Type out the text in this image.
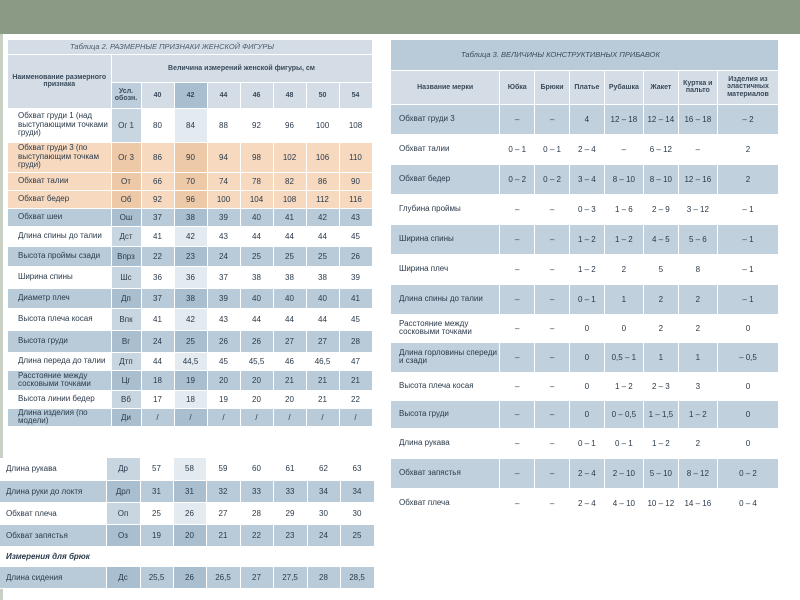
Таблица 2. РАЗМЕРНЫЕ ПРИЗНАКИ ЖЕНСКОЙ ФИГУРЫ								
Наименование размерного признака	Величина измерений женской фигуры, см							
	Усл. обозн.	40	42	44	46	48	50	54
Обхват груди 1 (над выступающими точками груди)	Ог 1	80	84	88	92	96	100	108
Обхват груди 3 (по выступающим точкам груди)	Ог 3	86	90	94	98	102	106	110
Обхват талии	От	66	70	74	78	82	86	90
Обхват бедер	Об	92	96	100	104	108	112	116
Обхват шеи	Ош	37	38	39	40	41	42	43
Длина спины до талии	Дст	41	42	43	44	44	44	45
Высота проймы сзади	Впрз	22	23	24	25	25	25	26
Ширина спины	Шс	36	36	37	38	38	38	39
Диаметр плеч	Дп	37	38	39	40	40	40	41
Высота плеча косая	Впк	41	42	43	44	44	44	45
Высота груди	Вг	24	25	26	26	27	27	28
Длина переда до талии	Дтп	44	44,5	45	45,5	46	46,5	47
Расстояние между сосковыми точками	Цг	18	19	20	20	21	21	21
Высота линии бедер	Вб	17	18	19	20	20	21	22
Длина изделия (по модели)	Ди	/	/	/	/	/	/	/
Длина рукава	Др	57	58	59	60	61	62	63
Длина руки до локтя	Дрл	31	31	32	33	33	34	34
Обхват плеча	Оп	25	26	27	28	29	30	30
Обхват запястья	Оз	19	20	21	22	23	24	25
Измерения для брюк								
Длина сидения	Дс	25,5	26	26,5	27	27,5	28	28,5
Таблица 3. ВЕЛИЧИНЫ КОНСТРУКТИВНЫХ ПРИБАВОК							
Название мерки	Юбка	Брюки	Платье	Рубашка	Жакет	Куртка и пальто	Изделия из эластичных материалов
Обхват груди 3	–	–	4	12 – 18	12 – 14	16 – 18	– 2
Обхват талии	0 – 1	0 – 1	2 – 4	–	6 – 12	–	2
Обхват бедер	0 – 2	0 – 2	3 – 4	8 – 10	8 – 10	12 – 16	2
Глубина проймы	–	–	0 – 3	1 – 6	2 – 9	3 – 12	– 1
Ширина спины	–	–	1 – 2	1 – 2	4 – 5	5 – 6	– 1
Ширина плеч	–	–	1 – 2	2	5	8	– 1
Длина спины до талии	–	–	0 – 1	1	2	2	– 1
Расстояние между сосковыми точками	–	–	0	0	2	2	0
Длина горловины спереди и сзади	–	–	0	0,5 – 1	1	1	– 0,5
Высота плеча косая	–	–	0	1 – 2	2 – 3	3	0
Высота груди	–	–	0	0 – 0,5	1 – 1,5	1 – 2	0
Длина рукава	–	–	0 – 1	0 – 1	1 – 2	2	0
Обхват запястья	–	–	2 – 4	2 – 10	5 – 10	8 – 12	0 – 2
Обхват плеча	–	–	2 – 4	4 – 10	10 – 12	14 – 16	0 – 4
